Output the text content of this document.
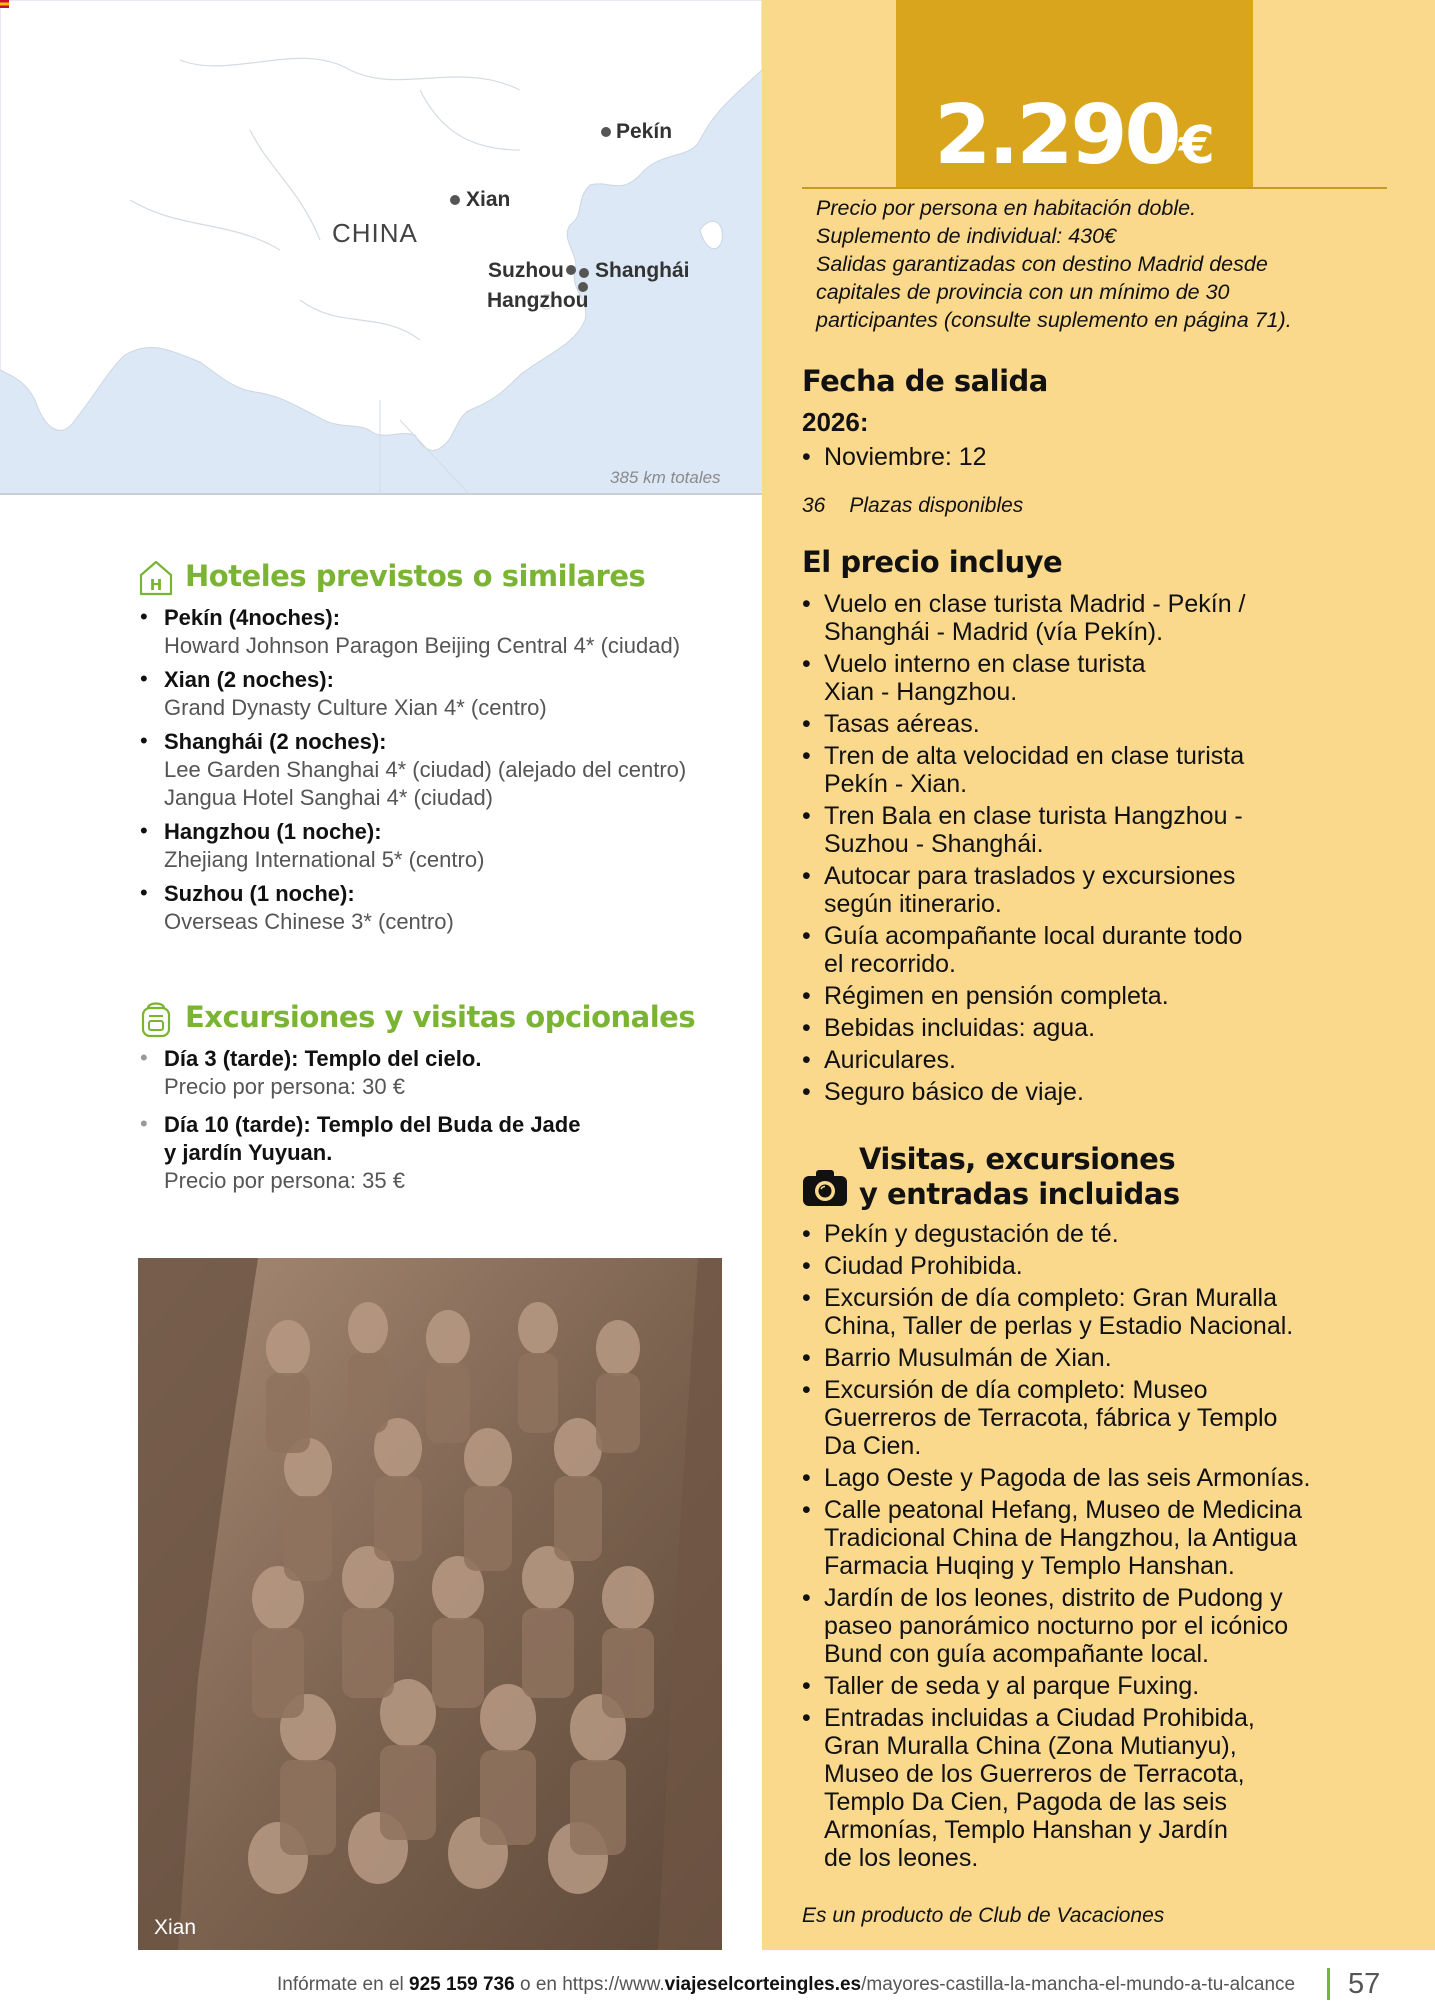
CHINA
Pekín
Xian
Suzhou Shanghái
Hangzhou
385 km totales
2.290€
Precio por persona en habitación doble.
Suplemento de individual: 430€
Salidas garantizadas con destino Madrid desde
capitales de provincia con un mínimo de 30
participantes (consulte suplemento en página 71).
Fecha de salida
2026:
• Noviembre: 12
36 Plazas disponibles
El precio incluye
• Vuelo en clase turista Madrid - Pekín /
Shanghái - Madrid (vía Pekín).
• Vuelo interno en clase turista
Xian - Hangzhou.
• Tasas aéreas.
• Tren de alta velocidad en clase turista
Pekín - Xian.
• Tren Bala en clase turista Hangzhou -
Suzhou - Shanghái.
• Autocar para traslados y excursiones
según itinerario.
• Guía acompañante local durante todo
el recorrido.
• Régimen en pensión completa.
• Bebidas incluidas: agua.
• Auriculares.
• Seguro básico de viaje.
Visitas, excursiones
y entradas incluidas
• Pekín y degustación de té.
• Ciudad Prohibida.
• Excursión de día completo: Gran Muralla
China, Taller de perlas y Estadio Nacional.
• Barrio Musulmán de Xian.
• Excursión de día completo: Museo
Guerreros de Terracota, fábrica y Templo
Da Cien.
• Lago Oeste y Pagoda de las seis Armonías.
• Calle peatonal Hefang, Museo de Medicina
Tradicional China de Hangzhou, la Antigua
Farmacia Huqing y Templo Hanshan.
• Jardín de los leones, distrito de Pudong y
paseo panorámico nocturno por el icónico
Bund con guía acompañante local.
• Taller de seda y al parque Fuxing.
• Entradas incluidas a Ciudad Prohibida,
Gran Muralla China (Zona Mutianyu),
Museo de los Guerreros de Terracota,
Templo Da Cien, Pagoda de las seis
Armonías, Templo Hanshan y Jardín
de los leones.
Es un producto de Club de Vacaciones
H Hoteles previstos o similares
• Pekín (4noches):
Howard Johnson Paragon Beijing Central 4* (ciudad)
• Xian (2 noches):
Grand Dynasty Culture Xian 4* (centro)
• Shanghái (2 noches):
Lee Garden Shanghai 4* (ciudad) (alejado del centro)
Jangua Hotel Sanghai 4* (ciudad)
• Hangzhou (1 noche):
Zhejiang International 5* (centro)
• Suzhou (1 noche):
Overseas Chinese 3* (centro)
Excursiones y visitas opcionales
• Día 3 (tarde): Templo del cielo.
Precio por persona: 30 €
• Día 10 (tarde): Templo del Buda de Jade
y jardín Yuyuan.
Precio por persona: 35 €
Xian
Infórmate en el 925 159 736 o en https://www.viajeselcorteingles.es/mayores-castilla-la-mancha-el-mundo-a-tu-alcance 57
